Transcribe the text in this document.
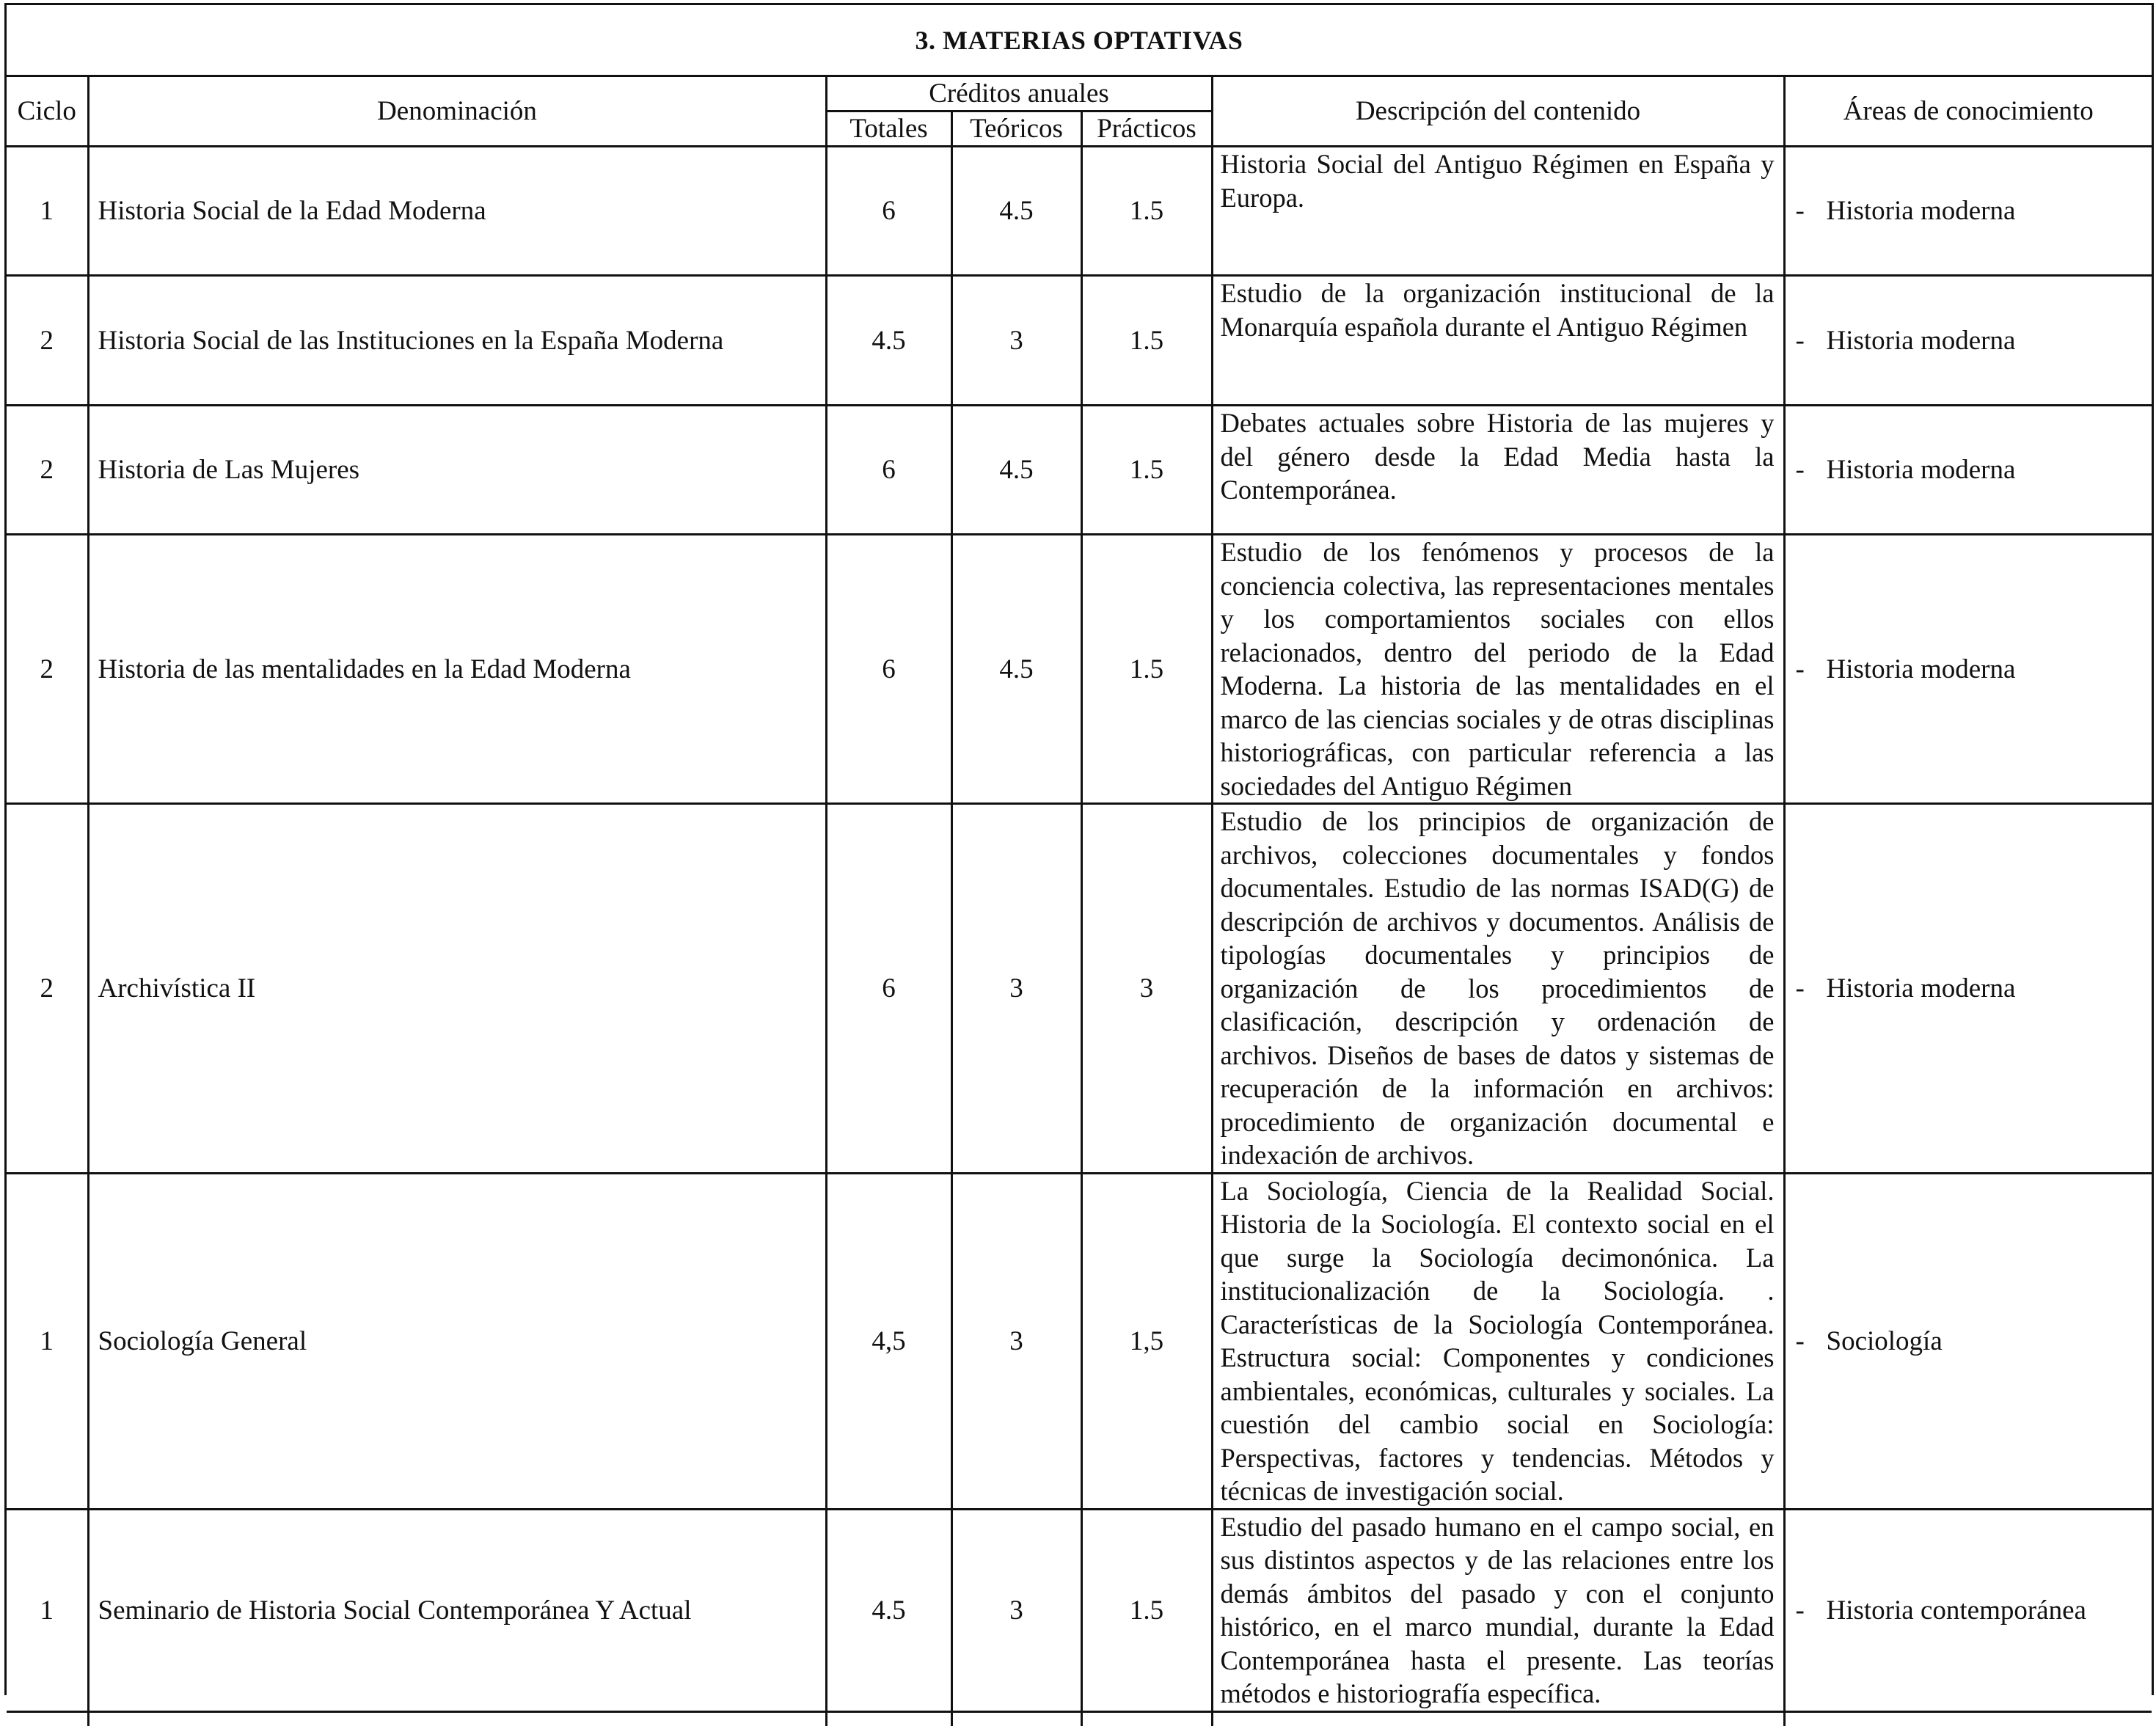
3. MATERIAS OPTATIVAS
Ciclo	Denominación	Créditos anuales			Descripción del contenido	Áreas de conocimiento
		Totales	Teóricos	Prácticos		
1	Historia Social de la Edad Moderna	6	4.5	1.5	Historia Social del Antiguo Régimen en España y Europa.	- Historia moderna
2	Historia Social de las Instituciones en la España Moderna	4.5	3	1.5	Estudio de la organización institucional de la Monarquía española durante el Antiguo Régimen	- Historia moderna
2	Historia de Las Mujeres	6	4.5	1.5	Debates actuales sobre Historia de las mujeres y del género desde la Edad Media hasta la Contemporánea.	- Historia moderna
2	Historia de las mentalidades en la Edad Moderna	6	4.5	1.5	Estudio de los fenómenos y procesos de la conciencia colectiva, las representaciones mentales y los comportamientos sociales con ellos relacionados, dentro del periodo de la Edad Moderna. La historia de las mentalidades en el marco de las ciencias sociales y de otras disciplinas historiográficas, con particular referencia a las sociedades del Antiguo Régimen	- Historia moderna
2	Archivística II	6	3	3	Estudio de los principios de organización de archivos, colecciones documentales y fondos documentales. Estudio de las normas ISAD(G) de descripción de archivos y documentos. Análisis de tipologías documentales y principios de organización de los procedimientos de clasificación, descripción y ordenación de archivos. Diseños de bases de datos y sistemas de recuperación de la información en archivos: procedimiento de organización documental e indexación de archivos.	- Historia moderna
1	Sociología General	4,5	3	1,5	La Sociología, Ciencia de la Realidad Social. Historia de la Sociología. El contexto social en el que surge la Sociología decimonónica. La institucionalización de la Sociología. . Características de la Sociología Contemporánea. Estructura social: Componentes y condiciones ambientales, económicas, culturales y sociales. La cuestión del cambio social en Sociología: Perspectivas, factores y tendencias. Métodos y técnicas de investigación social.	- Sociología
1	Seminario de Historia Social Contemporánea Y Actual	4.5	3	1.5	Estudio del pasado humano en el campo social, en sus distintos aspectos y de las relaciones entre los demás ámbitos del pasado y con el conjunto histórico, en el marco mundial, durante la Edad Contemporánea hasta el presente. Las teorías métodos e historiografía específica.	- Historia contemporánea
